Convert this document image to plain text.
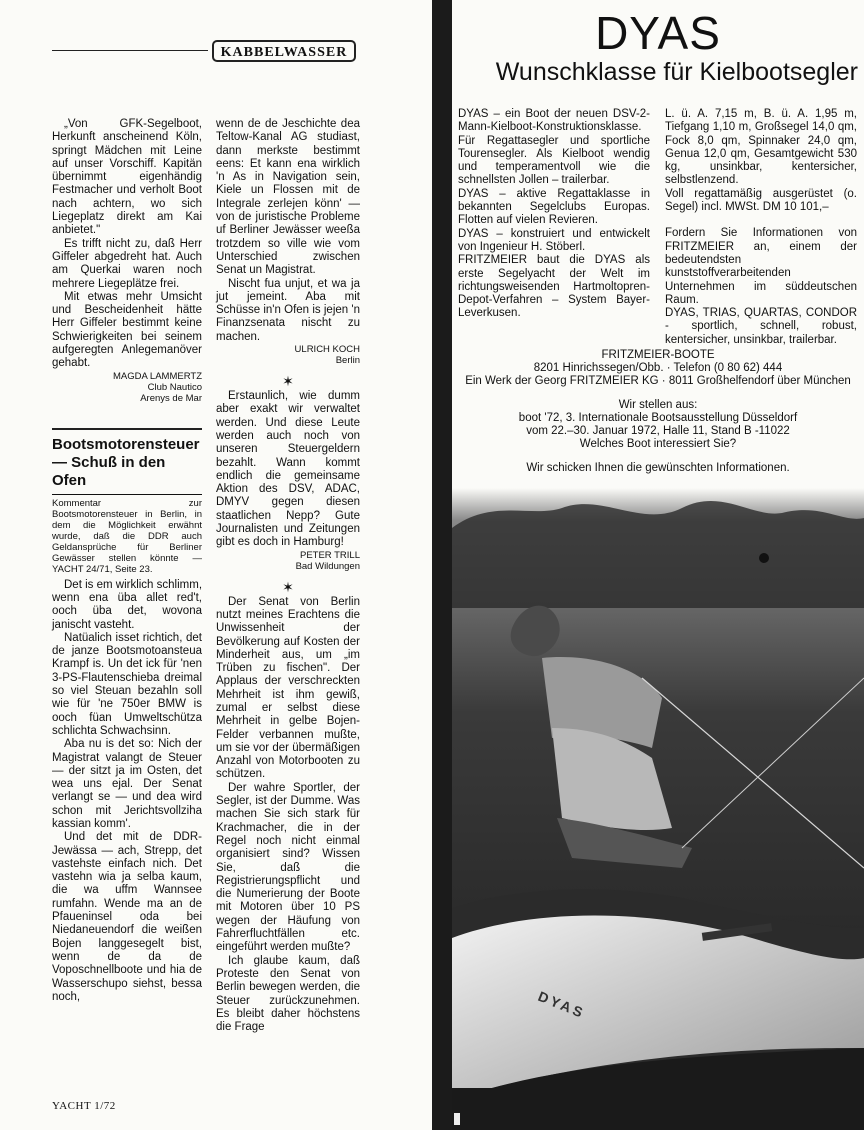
KABBELWASSER

„Von GFK-Segelboot, Herkunft anscheinend Köln, springt Mädchen mit Leine auf unser Vorschiff. Kapitän übernimmt eigenhändig Festmacher und verholt Boot nach achtern, wo sich Liegeplatz direkt am Kai anbietet."

Es trifft nicht zu, daß Herr Giffeler abgedreht hat. Auch am Querkai waren noch mehrere Liegeplätze frei.

Mit etwas mehr Umsicht und Bescheidenheit hätte Herr Giffeler bestimmt keine Schwierigkeiten bei seinem aufgeregten Anlegemanöver gehabt.

MAGDA LAMMERTZ
Club Nautico
Arenys de Mar
Bootsmotorensteuer — Schuß in den Ofen
Kommentar zur Bootsmotorensteuer in Berlin, in dem die Möglichkeit erwähnt wurde, daß die DDR auch Geldansprüche für Berliner Gewässer stellen könnte — YACHT 24/71, Seite 23.

Det is em wirklich schlimm, wenn ena üba allet red't, ooch üba det, wovona janischt vasteht.

Natüalich isset richtich, det de janze Bootsmotoansteua Krampf is. Un det ick für 'nen 3-PS-Flautenschieba dreimal so viel Steuan bezahln soll wie für 'ne 750er BMW is ooch füan Umweltschützа schlichta Schwachsinn.

Aba nu is det so: Nich der Magistrat valangt de Steuer — der sitzt ja im Osten, det wea uns ejal. Der Senat verlangt se — und dea wird schon mit Jerichtsvollziha kassian komm'.

Und det mit de DDR-Jewässa — ach, Strepp, det vastehste einfach nich. Det vastehn wia ja selba kaum, die wa uffm Wannsee rumfahn. Wende ma an de Pfaueninsel oda bei Niedaneuendorf die weißen Bojen langgesegelt bist, wenn de da de Voposchnellboote und hia de Wasserschupo siehst, bessa noch,

wenn de de Jeschichte dea Teltow-Kanal AG studiast, dann merkste bestimmt eens: Et kann ena wirklich 'n As in Navigation sein, Kiele un Flossen mit de Integrale zerlejen könn' — von de juristische Probleme uf Berliner Jewässer weeßa trotzdem so ville wie vom Unterschied zwischen Senat un Magistrat.

Nischt fua unjut, et wa ja jut jemeint. Aba mit Schüsse in'n Ofen is jejen 'n Finanzsenata nischt zu machen.

ULRICH KOCH
Berlin
✶

Erstaunlich, wie dumm aber exakt wir verwaltet werden. Und diese Leute werden auch noch von unseren Steuergeldern bezahlt. Wann kommt endlich die gemeinsame Aktion des DSV, ADAC, DMYV gegen diesen staatlichen Nepp? Gute Journalisten und Zeitungen gibt es doch in Hamburg!

PETER TRILL
Bad Wildungen
✶

Der Senat von Berlin nutzt meines Erachtens die Unwissenheit der Bevölkerung auf Kosten der Minderheit aus, um „im Trüben zu fischen". Der Applaus der verschreckten Mehrheit ist ihm gewiß, zumal er selbst diese Mehrheit in gelbe Bojen-Felder verbannen mußte, um sie vor der übermäßigen Anzahl von Motorbooten zu schützen.

Der wahre Sportler, der Segler, ist der Dumme. Was machen Sie sich stark für Krachmacher, die in der Regel noch nicht einmal organisiert sind? Wissen Sie, daß die Registrierungspflicht und die Numerierung der Boote mit Motoren über 10 PS wegen der Häufung von Fahrerfluchtfällen etc. eingeführt werden mußte?

Ich glaube kaum, daß Proteste den Senat von Berlin bewegen werden, die Steuer zurückzunehmen. Es bleibt daher höchstens die Frage

YACHT 1/72
DYAS
Wunschklasse für Kielbootsegler
DYAS – ein Boot der neuen DSV-2-Mann-Kielboot-Konstruktionsklasse. Für Regattasegler und sportliche Tourensegler. Als Kielboot wendig und temperamentvoll wie die schnellsten Jollen – trailerbar.
DYAS – aktive Regattaklasse in bekannten Segelclubs Europas. Flotten auf vielen Revieren.
DYAS – konstruiert und entwickelt von Ingenieur H. Stöberl.
FRITZMEIER baut die DYAS als erste Segelyacht der Welt im richtungsweisenden Hartmoltopren-Depot-Verfahren – System Bayer-Leverkusen.
L. ü. A. 7,15 m, B. ü. A. 1,95 m, Tiefgang 1,10 m, Großsegel 14,0 qm, Fock 8,0 qm, Spinnaker 24,0 qm, Genua 12,0 qm, Gesamtgewicht 530 kg, unsinkbar, kentersicher, selbstlenzend.
Voll regattamäßig ausgerüstet (o. Segel) incl. MWSt. DM 10 101,–
Fordern Sie Informationen von FRITZMEIER an, einem der bedeutendsten kunststoffverarbeitenden Unternehmen im süddeutschen Raum.
DYAS, TRIAS, QUARTAS, CONDOR - sportlich, schnell, robust, kentersicher, unsinkbar, trailerbar.
FRITZMEIER-BOOTE
8201 Hinrichssegen/Obb. · Telefon (0 80 62) 444
Ein Werk der Georg FRITZMEIER KG · 8011 Großhelfendorf über München
Wir stellen aus:
boot '72, 3. Internationale Bootsausstellung Düsseldorf
vom 22.–30. Januar 1972, Halle 11, Stand B -11022
Welches Boot interessiert Sie?
Wir schicken Ihnen die gewünschten Informationen.
DYAS
